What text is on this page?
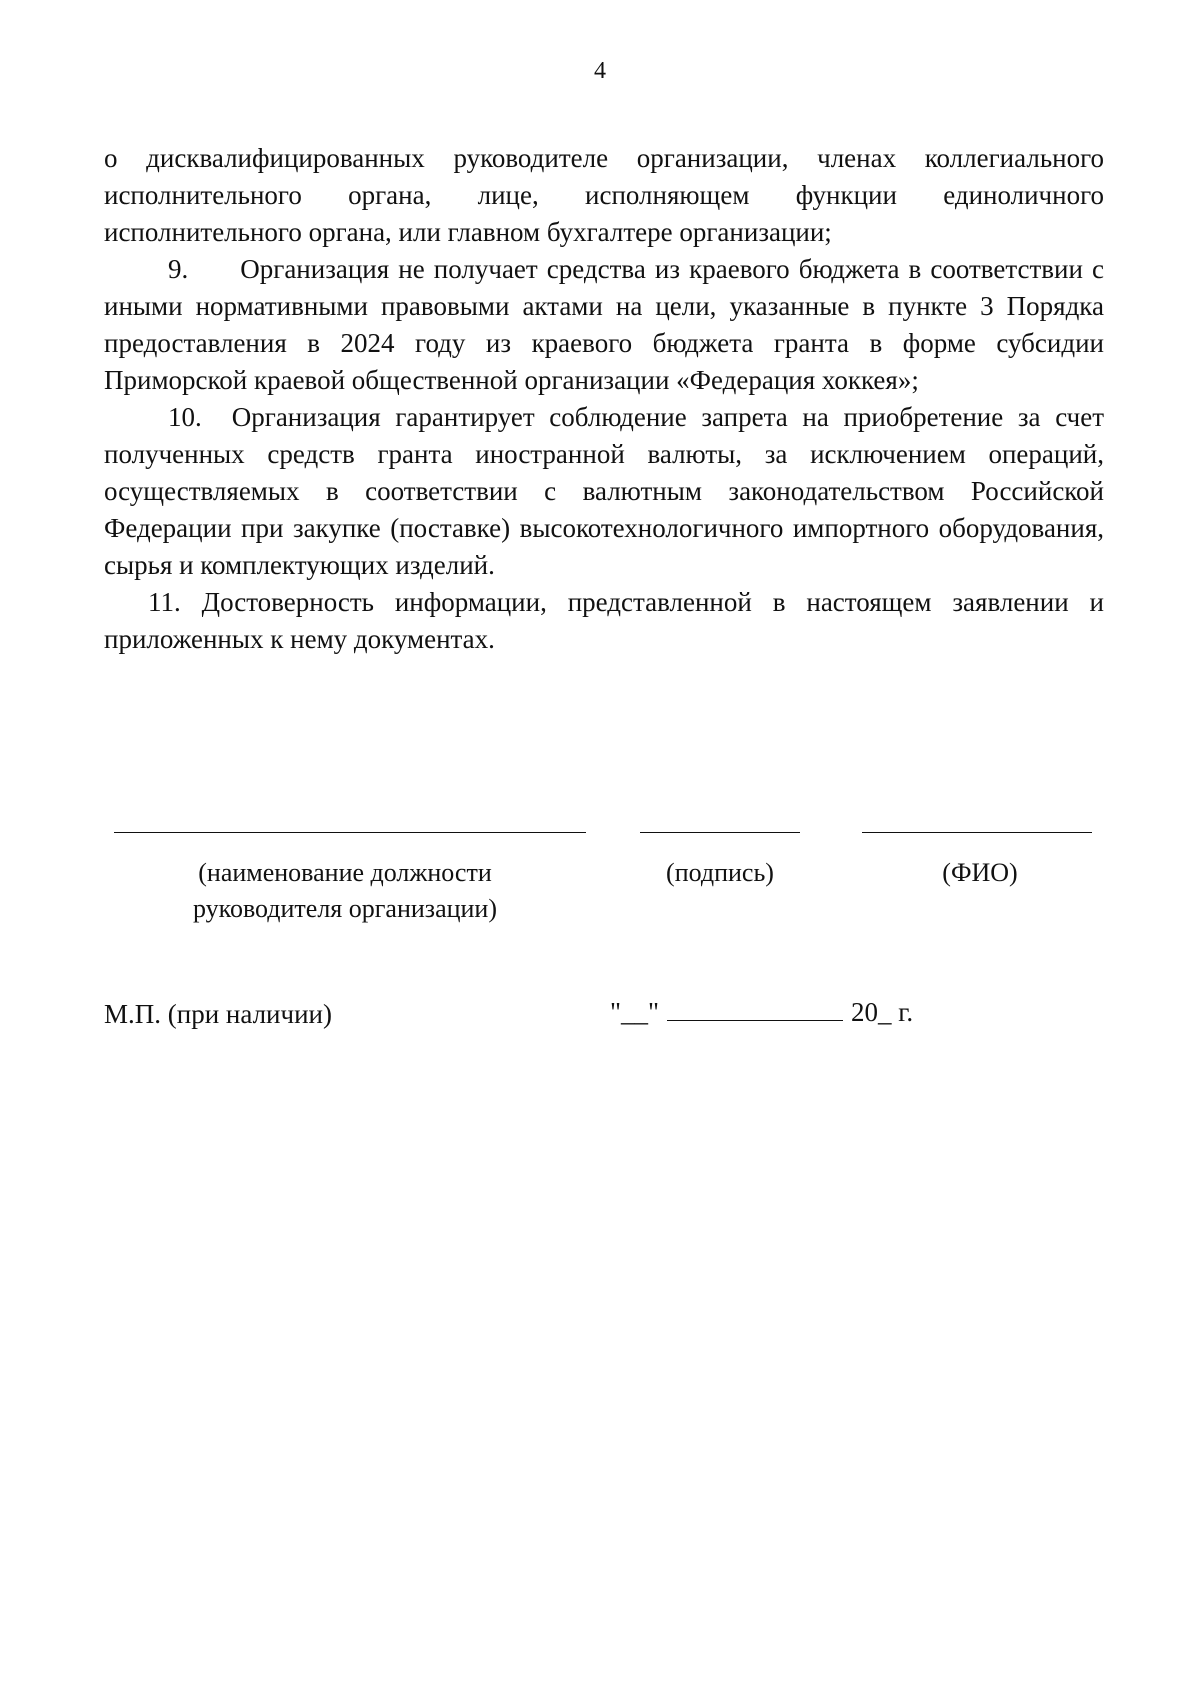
4

о дисквалифицированных руководителе организации, членах коллегиального исполнительного органа, лице, исполняющем функции единоличного исполнительного органа, или главном бухгалтере организации;

9. Организация не получает средства из краевого бюджета в соответствии с иными нормативными правовыми актами на цели, указанные в пункте 3 Порядка предоставления в 2024 году из краевого бюджета гранта в форме субсидии Приморской краевой общественной организации «Федерация хоккея»;

10. Организация гарантирует соблюдение запрета на приобретение за счет полученных средств гранта иностранной валюты, за исключением операций, осуществляемых в соответствии с валютным законодательством Российской Федерации при закупке (поставке) высокотехнологичного импортного оборудования, сырья и комплектующих изделий.

11. Достоверность информации, представленной в настоящем заявлении и приложенных к нему документах.

(наименование должности руководителя организации)
(подпись)	(ФИО)
М.П. (при наличии)	"__"	20_ г.
